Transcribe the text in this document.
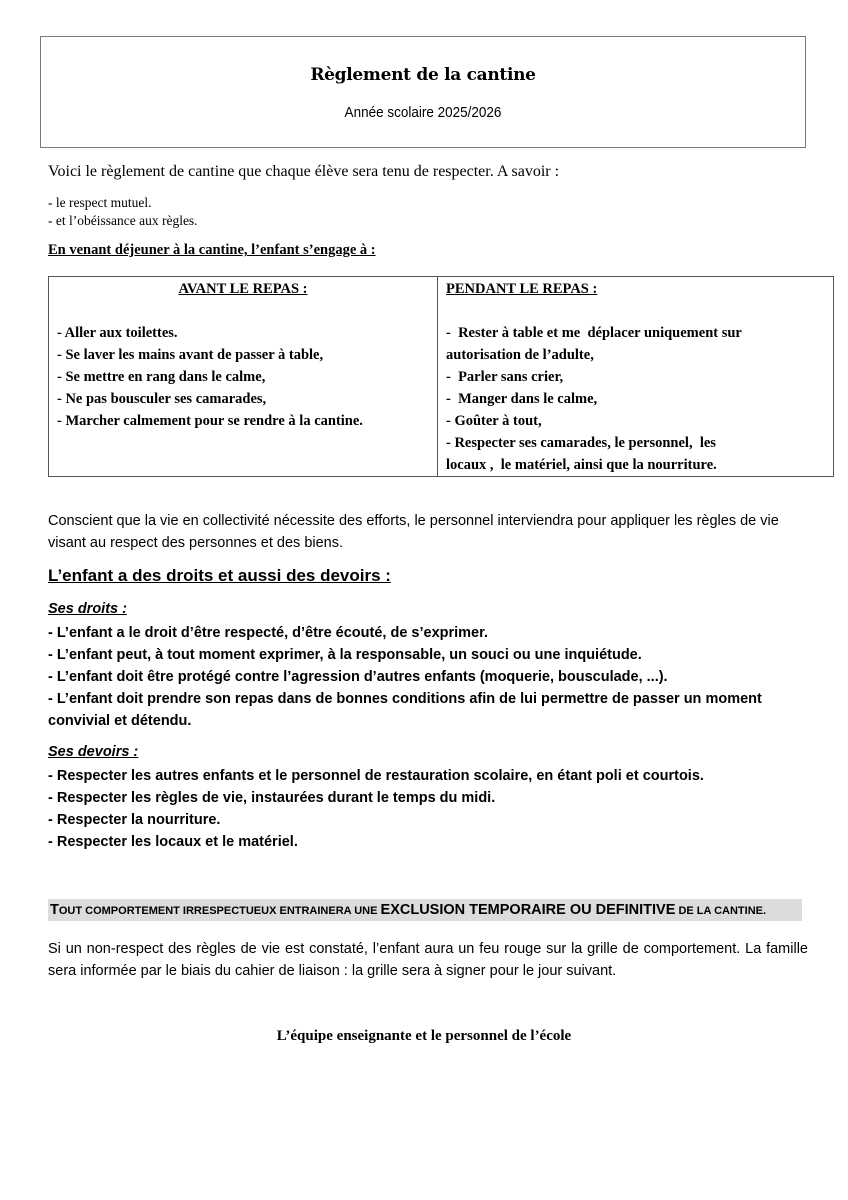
Règlement de la cantine
Année scolaire 2025/2026
Voici le règlement de cantine que chaque élève sera tenu de respecter. A savoir :
- le respect mutuel.
- et l’obéissance aux règles.
En venant déjeuner à la cantine, l’enfant s’engage à :
AVANT LE REPAS :
- Aller aux toilettes.
- Se laver les mains avant de passer à table,
- Se mettre en rang dans le calme,
- Ne pas bousculer ses camarades,
- Marcher calmement pour se rendre à la cantine.
PENDANT LE REPAS :
-  Rester à table et me  déplacer uniquement sur
autorisation de l’adulte,
-  Parler sans crier,
-  Manger dans le calme,
- Goûter à tout,
- Respecter ses camarades, le personnel,  les
locaux ,  le matériel, ainsi que la nourriture.
Conscient que la vie en collectivité nécessite des efforts, le personnel interviendra pour appliquer les règles de vie visant au respect des personnes et des biens.
L’enfant a des droits et aussi des devoirs :
Ses droits :
- L’enfant a le droit d’être respecté, d’être écouté, de s’exprimer.
- L’enfant peut, à tout moment exprimer, à la responsable, un souci ou une inquiétude.
- L’enfant doit être protégé contre l’agression d’autres enfants (moquerie, bousculade, ...).
- L’enfant doit prendre son repas dans de bonnes conditions afin de lui permettre de passer un moment convivial et détendu.
Ses devoirs :
- Respecter les autres enfants et le personnel de restauration scolaire, en étant poli et courtois.
- Respecter les règles de vie, instaurées durant le temps du midi.
- Respecter la nourriture.
- Respecter les locaux et le matériel.
TOUT COMPORTEMENT IRRESPECTUEUX ENTRAINERA UNE EXCLUSION TEMPORAIRE OU DEFINITIVE DE LA CANTINE.
Si un non-respect des règles de vie est constaté, l’enfant aura un feu rouge sur la grille de comportement. La famille sera informée par le biais du cahier de liaison : la grille sera à signer pour le jour suivant.
L’équipe enseignante et le personnel de l’école
